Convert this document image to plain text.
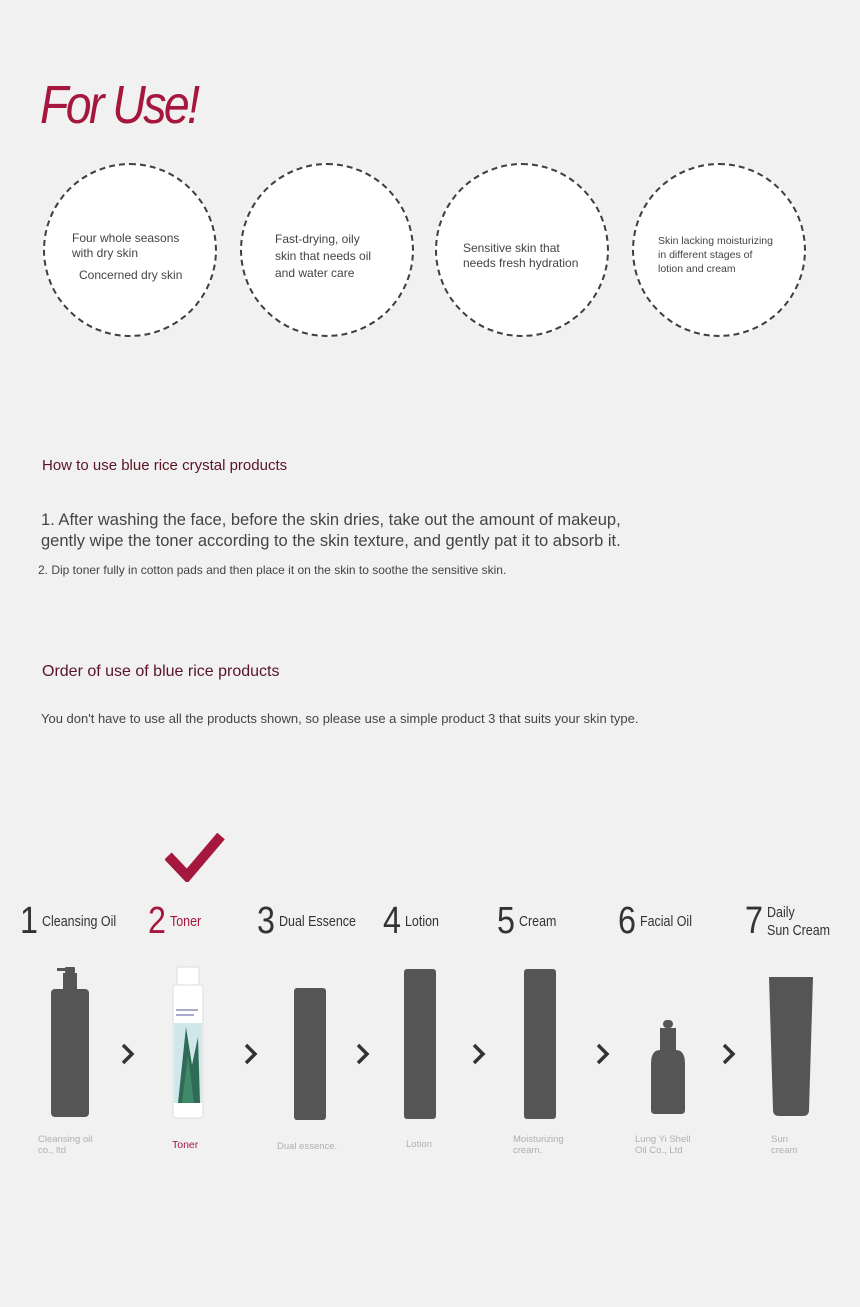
For Use!
Four whole seasons
with dry skin
Concerned dry skin
Fast-drying, oily
skin that needs oil
and water care
Sensitive skin that
needs fresh hydration
Skin lacking moisturizing
in different stages of
lotion and cream
How to use blue rice crystal products
1. After washing the face, before the skin dries, take out the amount of makeup,
gently wipe the toner according to the skin texture, and gently pat it to absorb it.
2. Dip toner fully in cotton pads and then place it on the skin to soothe the sensitive skin.
Order of use of blue rice products
You don't have to use all the products shown, so please use a simple product 3 that suits your skin type.
1 Cleansing Oil 2 Toner 3 Dual Essence 4 Lotion 5 Cream 6 Facial Oil 7 Daily
Sun Cream
Cleansing oil
co., ltd	Toner	Dual essence.	Lotion	Moisturizing
cream.
Lung Yi Shell
Oil Co., Ltd
Sun
cream
